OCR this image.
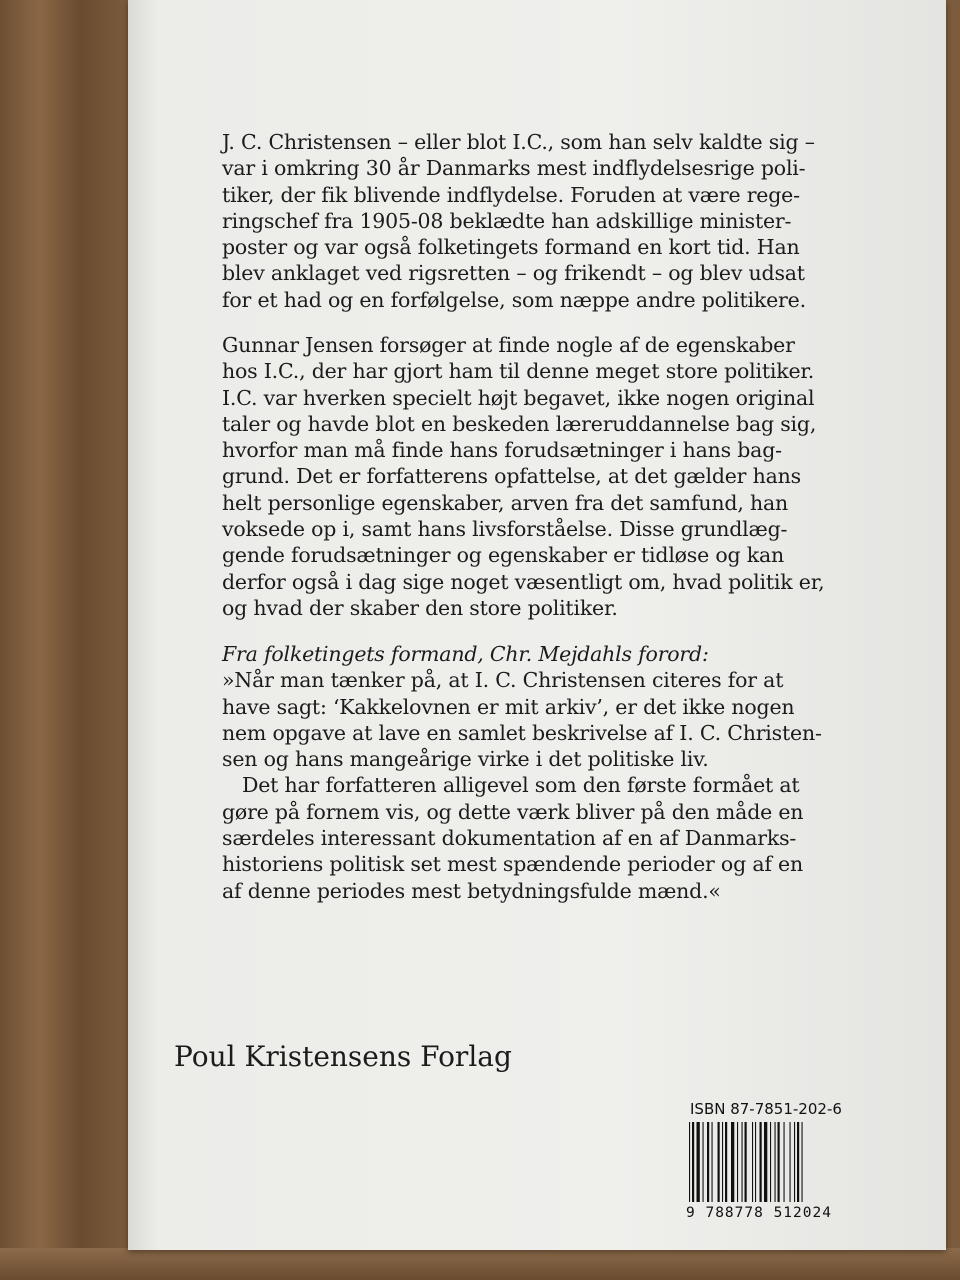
J. C. Christensen – eller blot I.C., som han selv kaldte sig –
var i omkring 30 år Danmarks mest indflydelsesrige poli-
tiker, der fik blivende indflydelse. Foruden at være rege-
ringschef fra 1905-08 beklædte han adskillige minister-
poster og var også folketingets formand en kort tid. Han
blev anklaget ved rigsretten – og frikendt – og blev udsat
for et had og en forfølgelse, som næppe andre politikere.
Gunnar Jensen forsøger at finde nogle af de egenskaber
hos I.C., der har gjort ham til denne meget store politiker.
I.C. var hverken specielt højt begavet, ikke nogen original
taler og havde blot en beskeden læreruddannelse bag sig,
hvorfor man må finde hans forudsætninger i hans bag-
grund. Det er forfatterens opfattelse, at det gælder hans
helt personlige egenskaber, arven fra det samfund, han
voksede op i, samt hans livsforståelse. Disse grundlæg-
gende forudsætninger og egenskaber er tidløse og kan
derfor også i dag sige noget væsentligt om, hvad politik er,
og hvad der skaber den store politiker.
Fra folketingets formand, Chr. Mejdahls forord:
»Når man tænker på, at I. C. Christensen citeres for at
have sagt: ‘Kakkelovnen er mit arkiv’, er det ikke nogen
nem opgave at lave en samlet beskrivelse af I. C. Christen-
sen og hans mangeårige virke i det politiske liv.
Det har forfatteren alligevel som den første formået at
gøre på fornem vis, og dette værk bliver på den måde en
særdeles interessant dokumentation af en af Danmarks-
historiens politisk set mest spændende perioder og af en
af denne periodes mest betydningsfulde mænd.«
Poul Kristensens Forlag
ISBN 87-7851-202-6
9 788778 512024
